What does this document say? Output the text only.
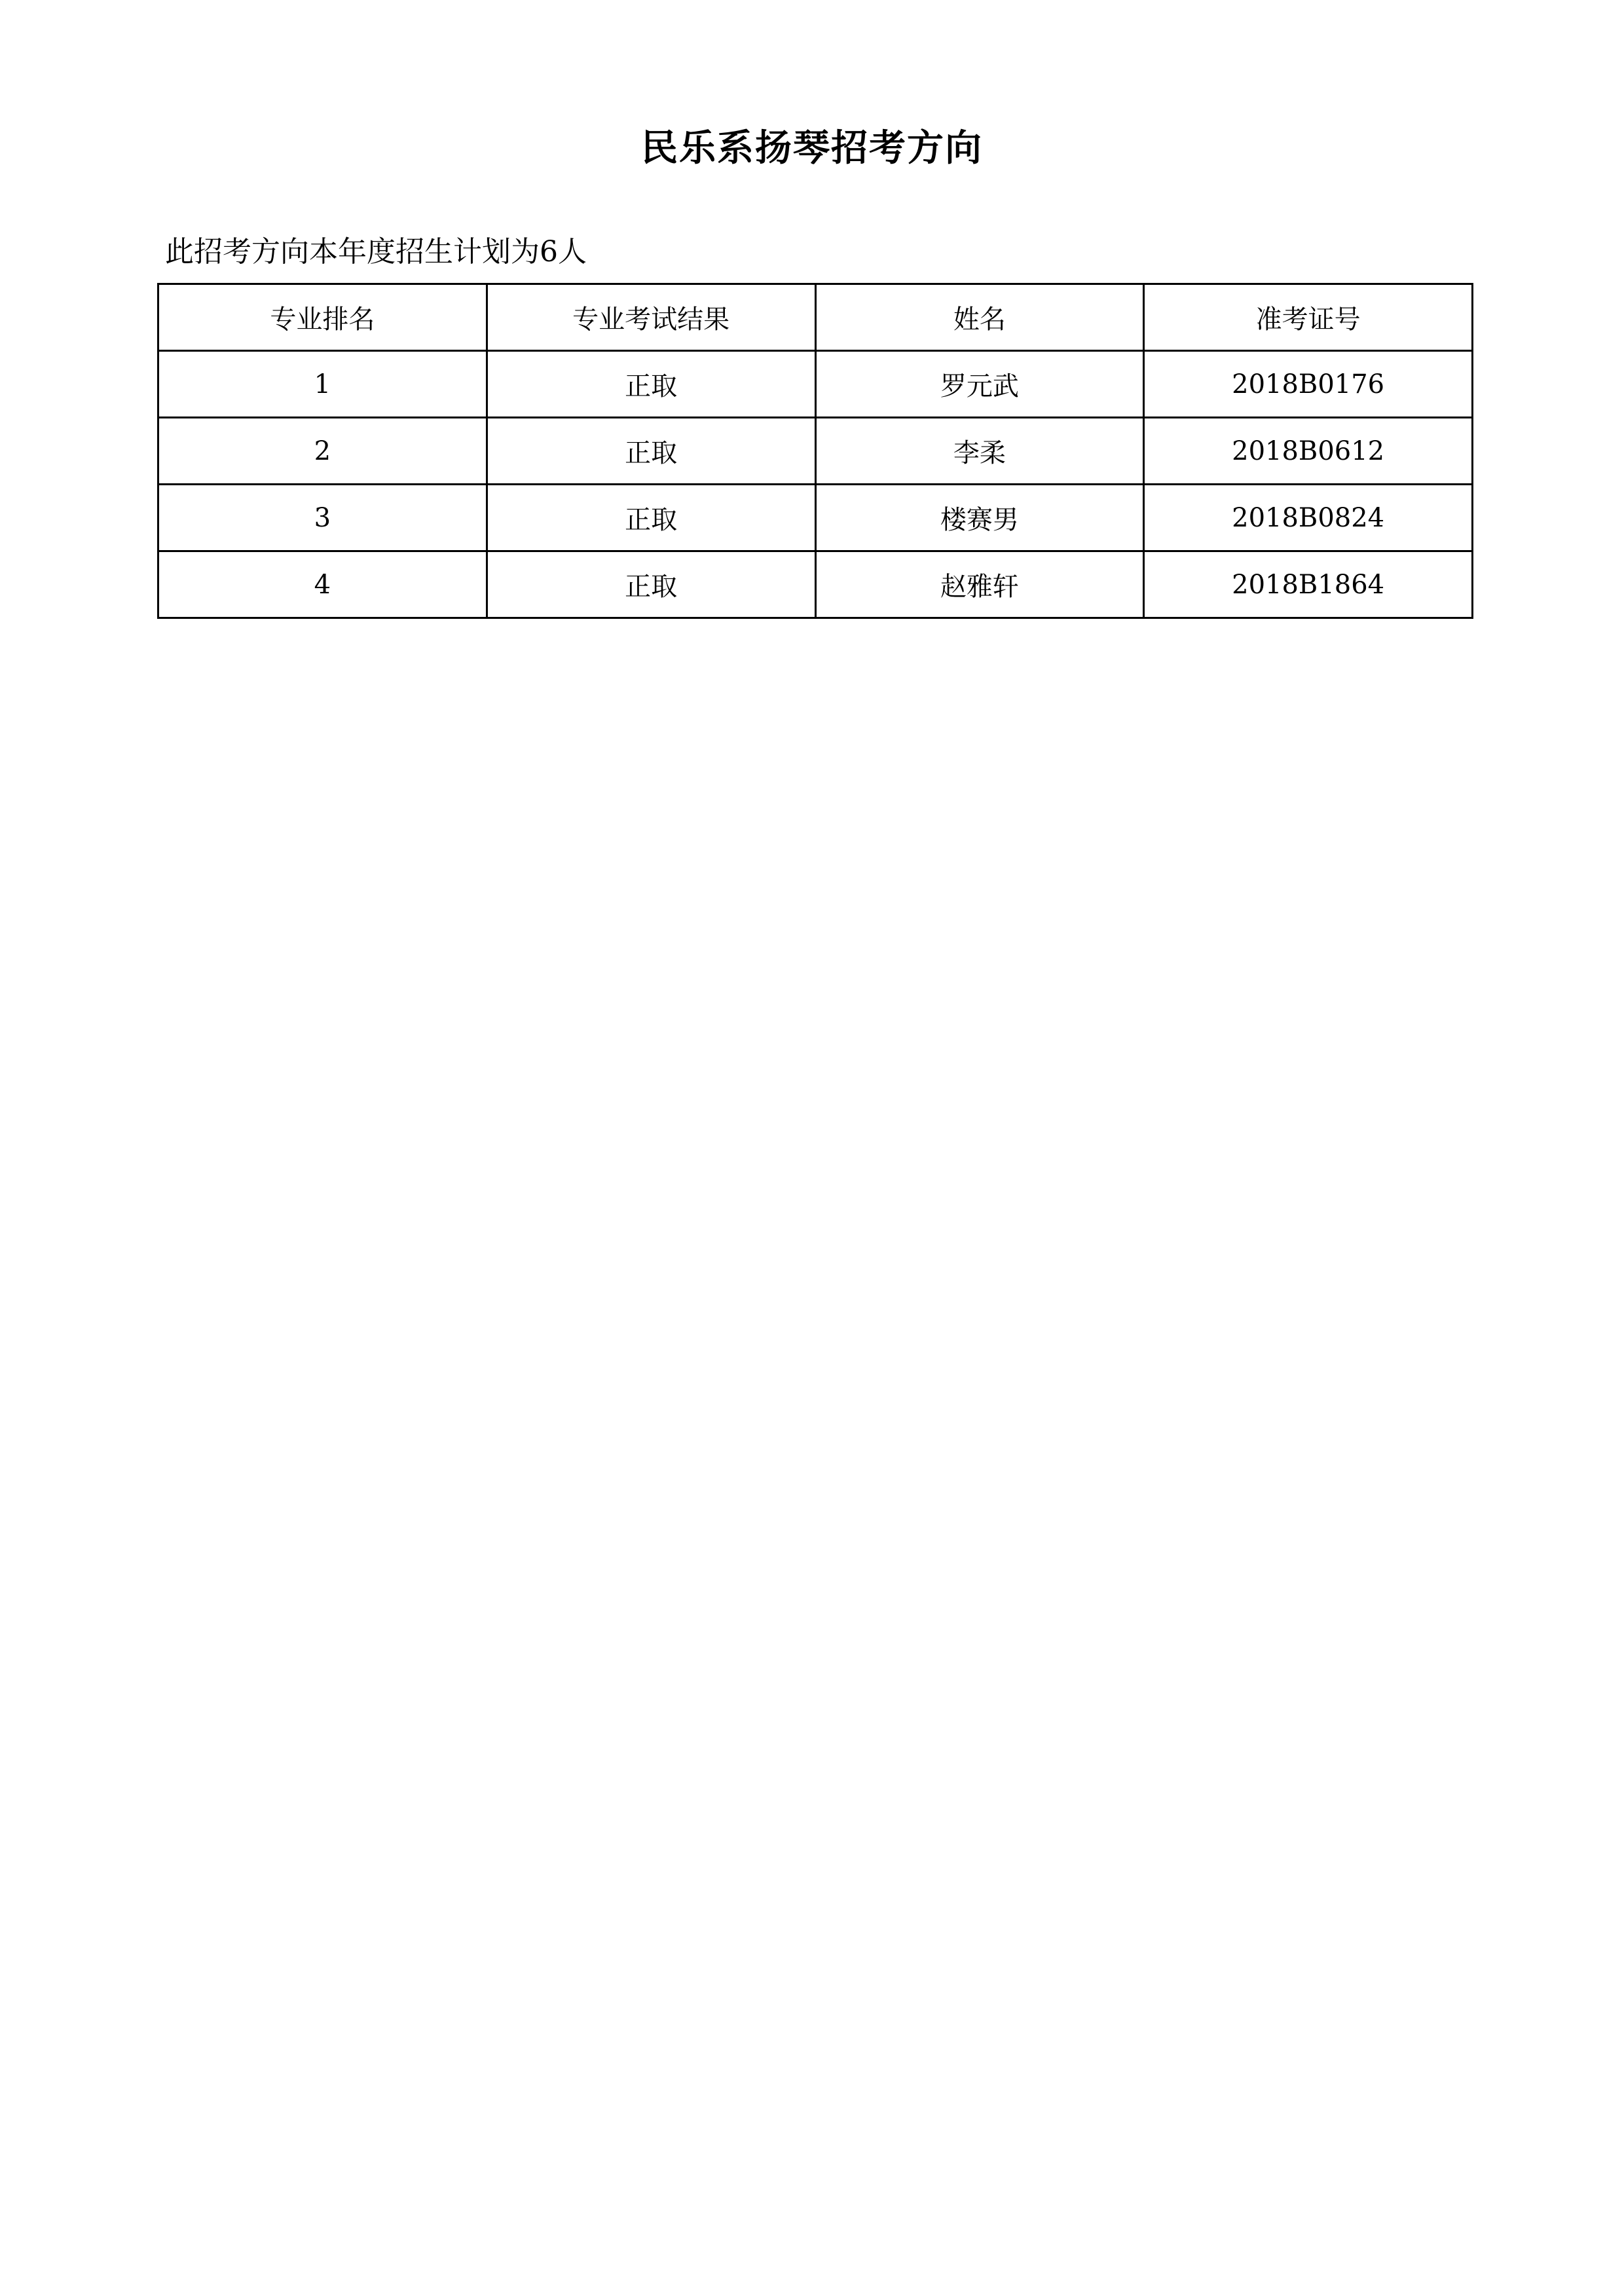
民乐系扬琴招考方向
此招考方向本年度招生计划为6人
专业排名	专业考试结果	姓名	准考证号
1	正取	罗元武	2018B0176
2	正取	李柔	2018B0612
3	正取	楼赛男	2018B0824
4	正取	赵雅轩	2018B1864
